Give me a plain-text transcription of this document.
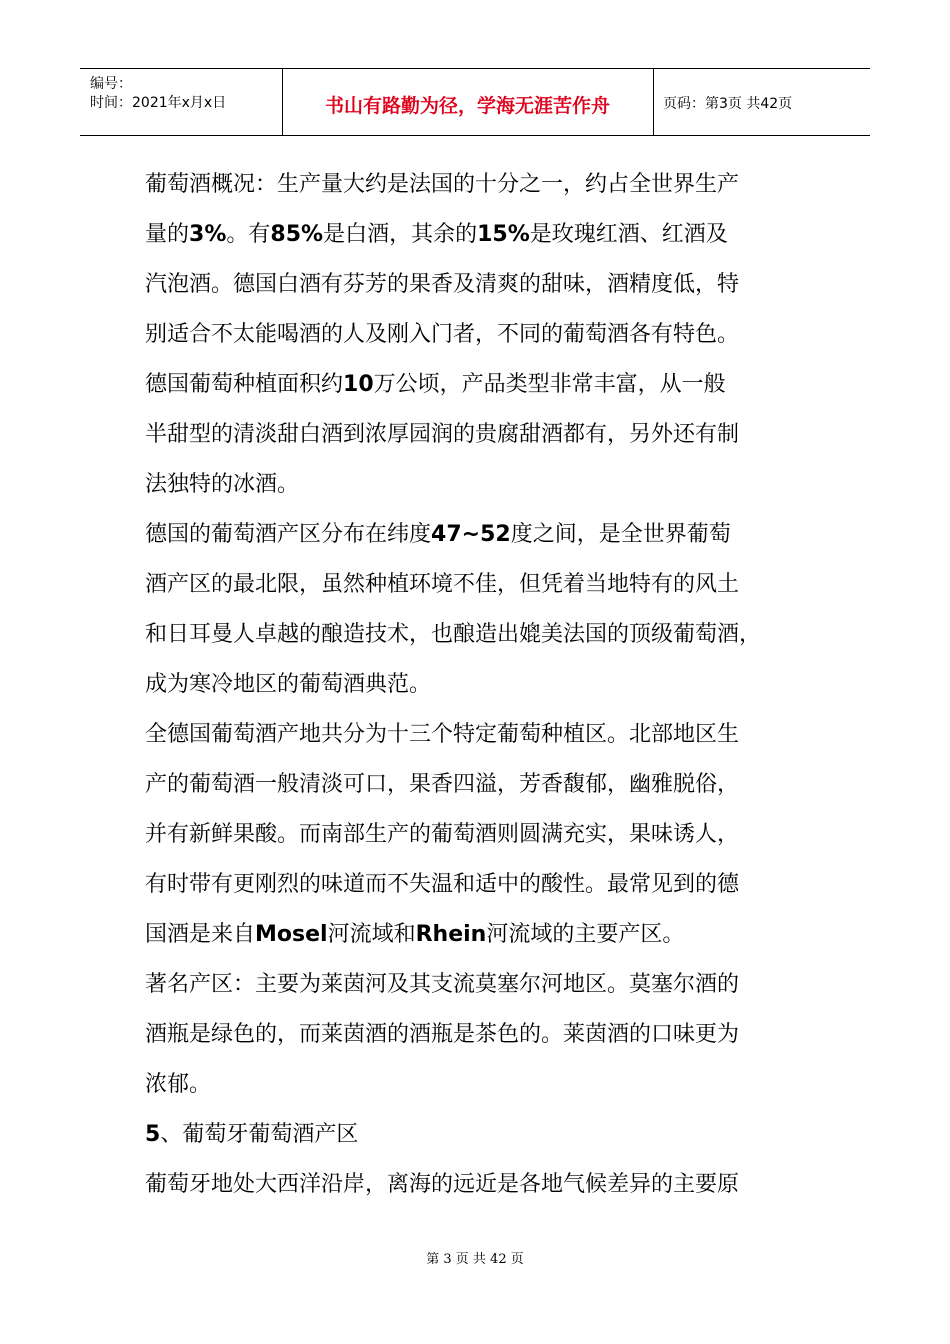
编号：
时间：2021年x月x日	书山有路勤为径，学海无涯苦作舟	页码：第3页 共42页
葡萄酒概况：生产量大约是法国的十分之一，约占全世界生产
量的3%。有85%是白酒，其余的15%是玫瑰红酒、红酒及
汽泡酒。德国白酒有芬芳的果香及清爽的甜味，酒精度低，特
别适合不太能喝酒的人及刚入门者，不同的葡萄酒各有特色。
德国葡萄种植面积约10万公顷，产品类型非常丰富，从一般
半甜型的清淡甜白酒到浓厚园润的贵腐甜酒都有，另外还有制
法独特的冰酒。
德国的葡萄酒产区分布在纬度47~52度之间，是全世界葡萄
酒产区的最北限，虽然种植环境不佳，但凭着当地特有的风土
和日耳曼人卓越的酿造技术，也酿造出媲美法国的顶级葡萄酒，
成为寒冷地区的葡萄酒典范。
全德国葡萄酒产地共分为十三个特定葡萄种植区。北部地区生
产的葡萄酒一般清淡可口，果香四溢，芳香馥郁，幽雅脱俗，
并有新鲜果酸。而南部生产的葡萄酒则圆满充实，果味诱人，
有时带有更刚烈的味道而不失温和适中的酸性。最常见到的德
国酒是来自Mosel河流域和Rhein河流域的主要产区。
著名产区：主要为莱茵河及其支流莫塞尔河地区。莫塞尔酒的
酒瓶是绿色的，而莱茵酒的酒瓶是茶色的。莱茵酒的口味更为
浓郁。
5、葡萄牙葡萄酒产区
葡萄牙地处大西洋沿岸，离海的远近是各地气候差异的主要原
第 3 页 共 42 页
